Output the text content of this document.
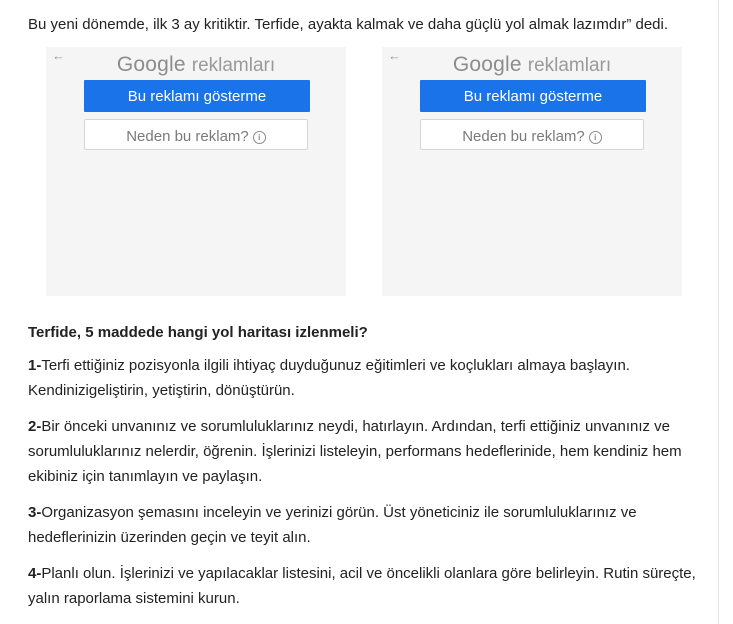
Bu yeni dönemde, ilk 3 ay kritiktir. Terfide, ayakta kalmak ve daha güçlü yol almak lazımdır” dedi.

←	Google reklamları
Bu reklamı gösterme
Neden bu reklam? i
←	Google reklamları
Bu reklamı gösterme
Neden bu reklam? i

Terfide, 5 maddede hangi yol haritası izlenmeli?

1-Terfi ettiğiniz pozisyonla ilgili ihtiyaç duyduğunuz eğitimleri ve koçlukları almaya başlayın. Kendinizigeliştirin, yetiştirin, dönüştürün.

2-Bir önceki unvanınız ve sorumluluklarınız neydi, hatırlayın. Ardından, terfi ettiğiniz unvanınız ve sorumluluklarınız nelerdir, öğrenin. İşlerinizi listeleyin, performans hedeflerinide, hem kendiniz hem ekibiniz için tanımlayın ve paylaşın.

3-Organizasyon şemasını inceleyin ve yerinizi görün. Üst yöneticiniz ile sorumluluklarınız ve hedeflerinizin üzerinden geçin ve teyit alın.

4-Planlı olun. İşlerinizi ve yapılacaklar listesini, acil ve öncelikli olanlara göre belirleyin. Rutin süreçte, yalın raporlama sistemini kurun.
